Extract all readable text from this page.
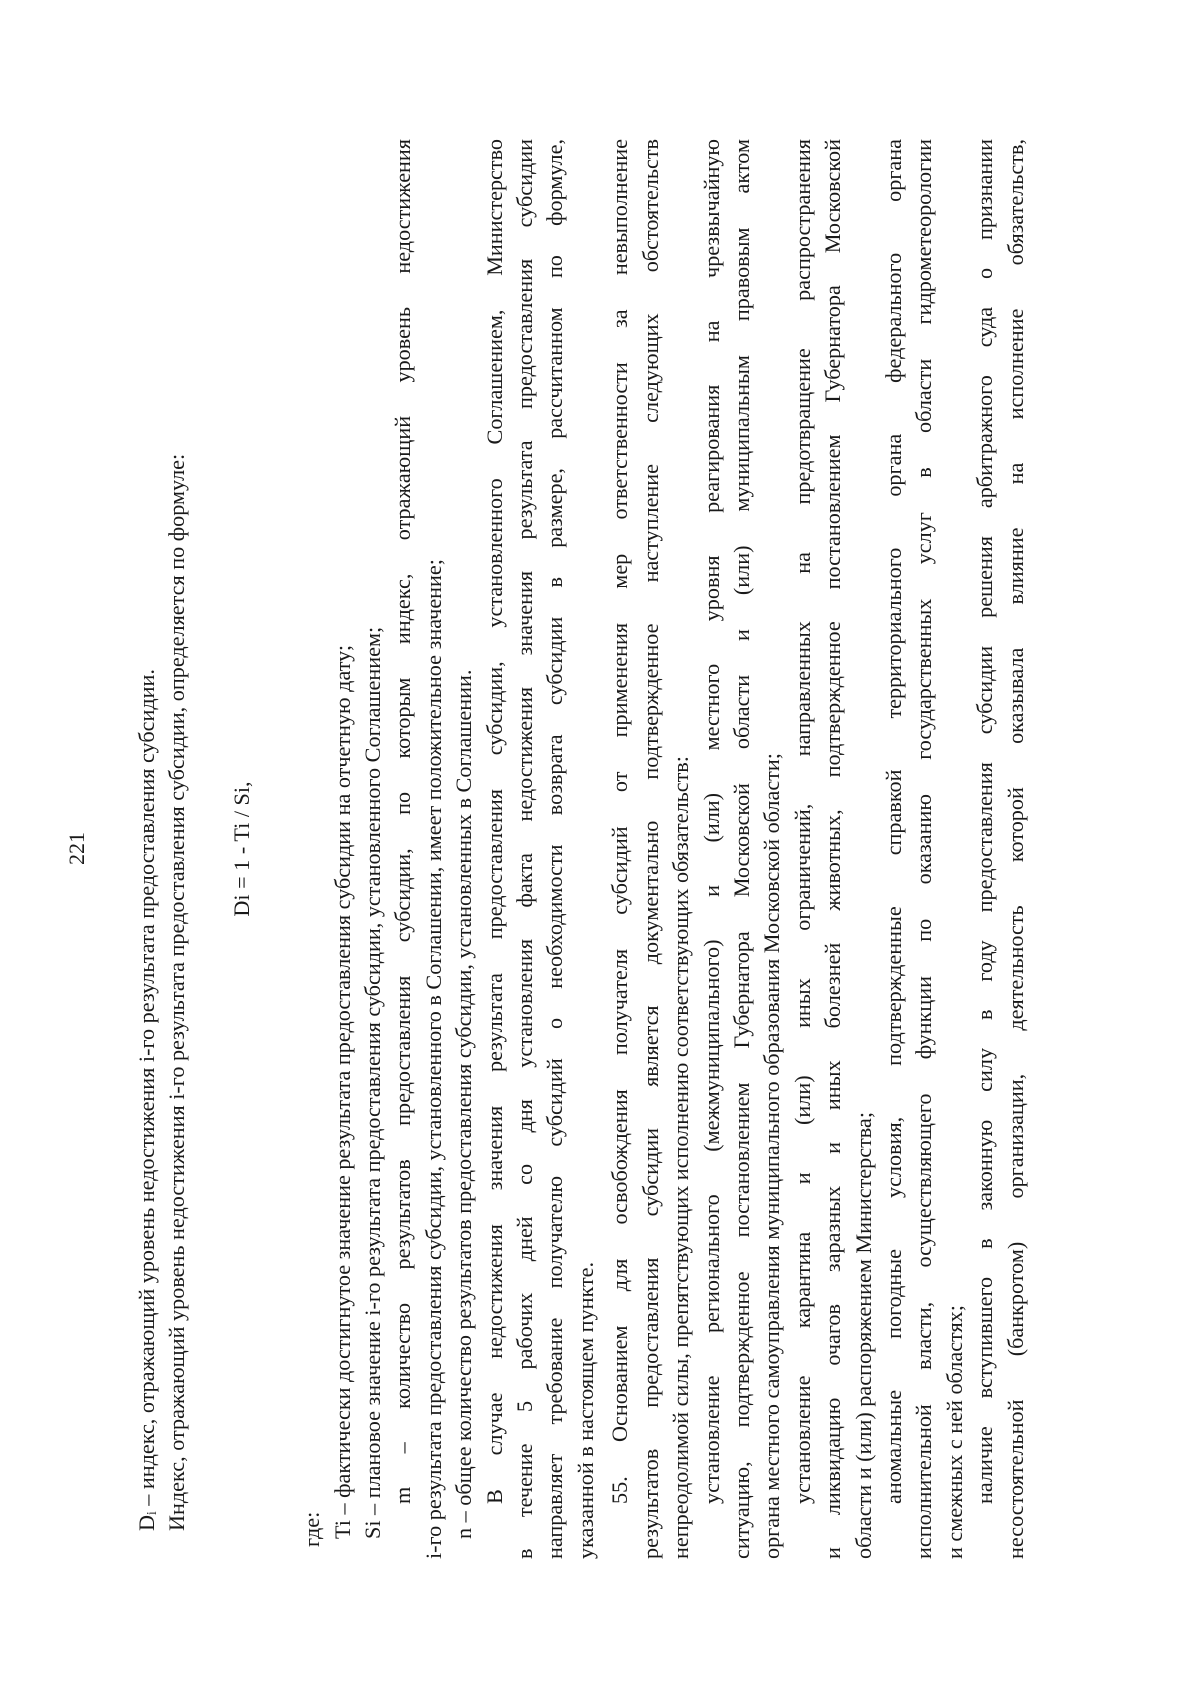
221 Dᵢ – индекс, отражающий уровень недостижения i-го результата предоставления субсидии. Индекс, отражающий уровень недостижения i-го результата предоставления субсидии, определяется по формуле: Di = 1 - Ti / Si,
где: Ti – фактически достигнутое значение результата предоставления субсидии на отчетную дату; Si – плановое значение i-го результата предоставления субсидии, установленного Соглашением; m – количество результатов предоставления субсидии, по которым индекс, отражающий уровень недостижения i-го результата предоставления субсидии, установленного в Соглашении, имеет положительное значение; n – общее количество результатов предоставления субсидии, установленных в Соглашении. В случае недостижения значения результата предоставления субсидии, установленного Соглашением, Министерство в течение 5 рабочих дней со дня установления факта недостижения значения результата предоставления субсидии направляет требование получателю субсидий о необходимости возврата субсидии в размере, рассчитанном по формуле, указанной в настоящем пункте. 55. Основанием для освобождения получателя субсидий от применения мер ответственности за невыполнение результатов предоставления субсидии является документально подтвержденное наступление следующих обстоятельств непреодолимой силы, препятствующих исполнению соответствующих обязательств: установление регионального (межмуниципального) и (или) местного уровня реагирования на чрезвычайную ситуацию, подтвержденное постановлением Губернатора Московской области и (или) муниципальным правовым актом органа местного самоуправления муниципального образования Московской области; установление карантина и (или) иных ограничений, направленных на предотвращение распространения и ликвидацию очагов заразных и иных болезней животных, подтвержденное постановлением Губернатора Московской области и (или) распоряжением Министерства; аномальные погодные условия, подтвержденные справкой территориального органа федерального органа исполнительной власти, осуществляющего функции по оказанию государственных услуг в области гидрометеорологии и смежных с ней областях; наличие вступившего в законную силу в году предоставления субсидии решения арбитражного суда о признании несостоятельной (банкротом) организации, деятельность которой оказывала влияние на исполнение обязательств,
